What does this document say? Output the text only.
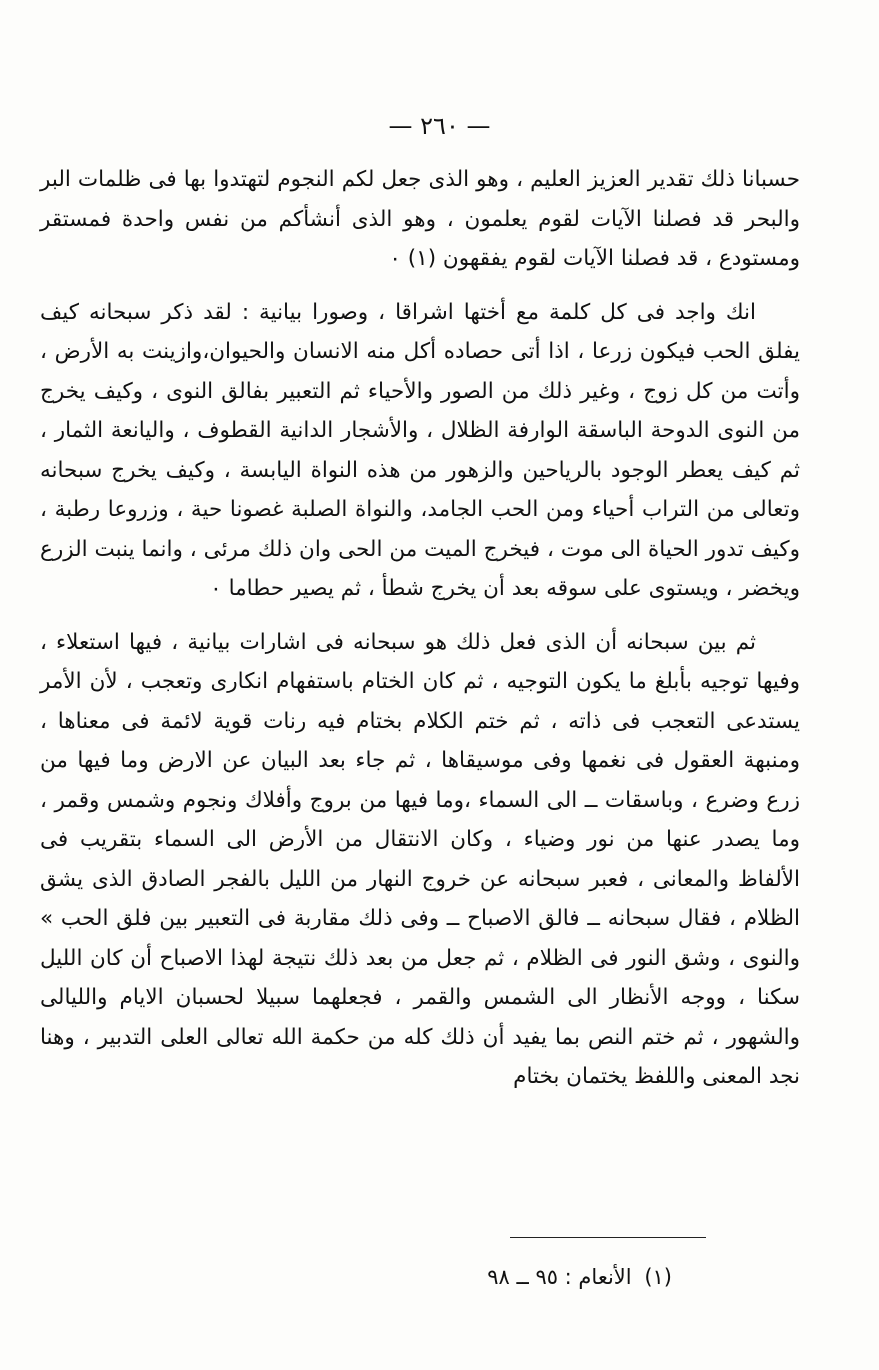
— ٢٦٠ —

حسبانا ذلك تقدير العزيز العليم ، وهو الذى جعل لكم النجوم لتهتدوا بها فى ظلمات البر والبحر قد فصلنا الآيات لقوم يعلمون ، وهو الذى أنشأكم من نفس واحدة فمستقر ومستودع ، قد فصلنا الآيات لقوم يفقهون (١) ٠

انك واجد فى كل كلمة مع أختها اشراقا ، وصورا بيانية : لقد ذكر سبحانه كيف يفلق الحب فيكون زرعا ، اذا أتى حصاده أكل منه الانسان والحيوان،وازينت به الأرض ، وأتت من كل زوج ، وغير ذلك من الصور والأحياء ثم التعبير بفالق النوى ، وكيف يخرج من النوى الدوحة الباسقة الوارفة الظلال ، والأشجار الدانية القطوف ، واليانعة الثمار ، ثم كيف يعطر الوجود بالرياحين والزهور من هذه النواة اليابسة ، وكيف يخرج سبحانه وتعالى من التراب أحياء ومن الحب الجامد، والنواة الصلبة غصونا حية ، وزروعا رطبة ، وكيف تدور الحياة الى موت ، فيخرج الميت من الحى وان ذلك مرئى ، وانما ينبت الزرع ويخضر ، ويستوى على سوقه بعد أن يخرج شطأ ، ثم يصير حطاما ٠

ثم بين سبحانه أن الذى فعل ذلك هو سبحانه فى اشارات بيانية ، فيها استعلاء ، وفيها توجيه بأبلغ ما يكون التوجيه ، ثم كان الختام باستفهام انكارى وتعجب ، لأن الأمر يستدعى التعجب فى ذاته ، ثم ختم الكلام بختام فيه رنات قوية لائمة فى معناها ، ومنبهة العقول فى نغمها وفى موسيقاها ، ثم جاء بعد البيان عن الارض وما فيها من زرع وضرع ، وباسقات ــ الى السماء ،وما فيها من بروج وأفلاك ونجوم وشمس وقمر ، وما يصدر عنها من نور وضياء ، وكان الانتقال من الأرض الى السماء بتقريب فى الألفاظ والمعانى ، فعبر سبحانه عن خروج النهار من الليل بالفجر الصادق الذى يشق الظلام ، فقال سبحانه ــ فالق الاصباح ــ وفى ذلك مقاربة فى التعبير بين فلق الحب » والنوى ، وشق النور فى الظلام ، ثم جعل من بعد ذلك نتيجة لهذا الاصباح أن كان الليل سكنا ، ووجه الأنظار الى الشمس والقمر ، فجعلهما سبيلا لحسبان الايام والليالى والشهور ، ثم ختم النص بما يفيد أن ذلك كله من حكمة الله تعالى العلى التدبير ، وهنا نجد المعنى واللفظ يختمان بختام

(١) الأنعام : ٩٥ ــ ٩٨
